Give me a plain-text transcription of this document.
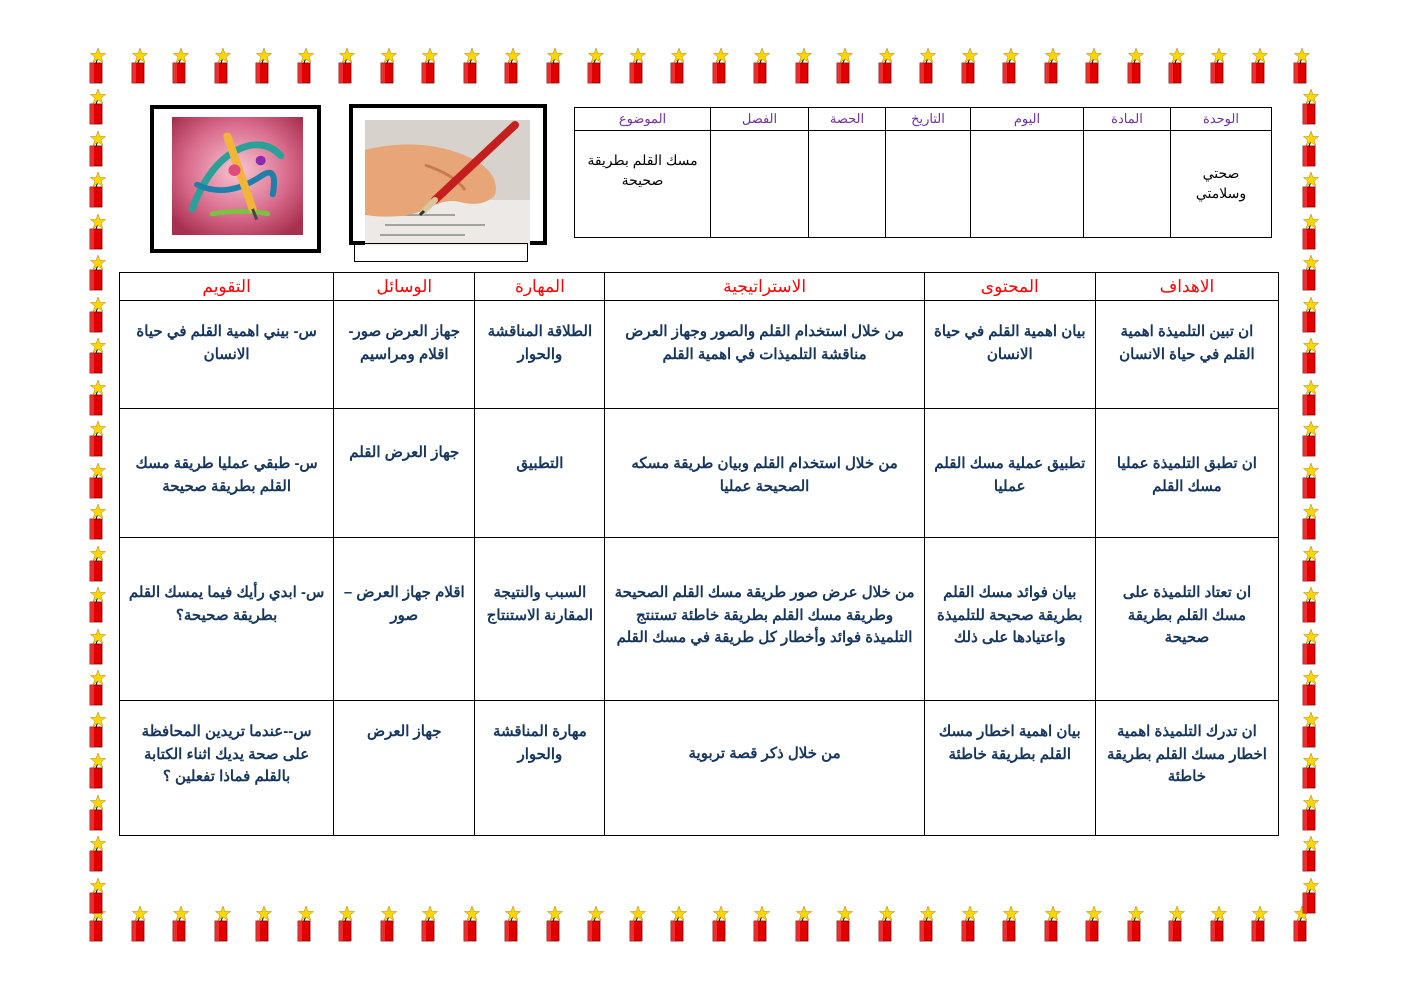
الوحدة	المادة	اليوم	التاريخ	الحصة	الفصل	الموضوع
صحتي وسلامتي						مسك القلم بطريقة صحيحة
الاهداف	المحتوى	الاستراتيجية	المهارة	الوسائل	التقويم
ان تبين التلميذة اهمية القلم في حياة الانسان	بيان اهمية القلم في حياة الانسان	من خلال استخدام القلم والصور وجهاز العرض مناقشة التلميذات في اهمية القلم	الطلاقة المناقشة والحوار	جهاز العرض صور- اقلام ومراسيم	س- بيني اهمية القلم في حياة الانسان
ان تطبق التلميذة عمليا مسك القلم	تطبيق عملية مسك القلم عمليا	من خلال استخدام القلم وبيان طريقة مسكه الصحيحة عمليا	التطبيق	جهاز العرض القلم	س- طبقي عمليا طريقة مسك القلم بطريقة صحيحة
ان تعتاد التلميذة على مسك القلم بطريقة صحيحة	بيان فوائد مسك القلم بطريقة صحيحة للتلميذة واعتيادها على ذلك	من خلال عرض صور طريقة مسك القلم الصحيحة وطريقة مسك القلم بطريقة خاطئة تستنتج التلميذة فوائد وأخطار كل طريقة في مسك القلم	السبب والنتيجة المقارنة الاستنتاج	اقلام جهاز العرض – صور	س- ابدي رأيك فيما يمسك القلم بطريقة صحيحة؟
ان تدرك التلميذة اهمية اخطار مسك القلم بطريقة خاطئة	بيان اهمية اخطار مسك القلم بطريقة خاطئة	من خلال ذكر قصة تربوية	مهارة المناقشة والحوار	جهاز العرض	س--عندما تريدين المحافظة على صحة يديك اثناء الكتابة بالقلم فماذا تفعلين ؟
